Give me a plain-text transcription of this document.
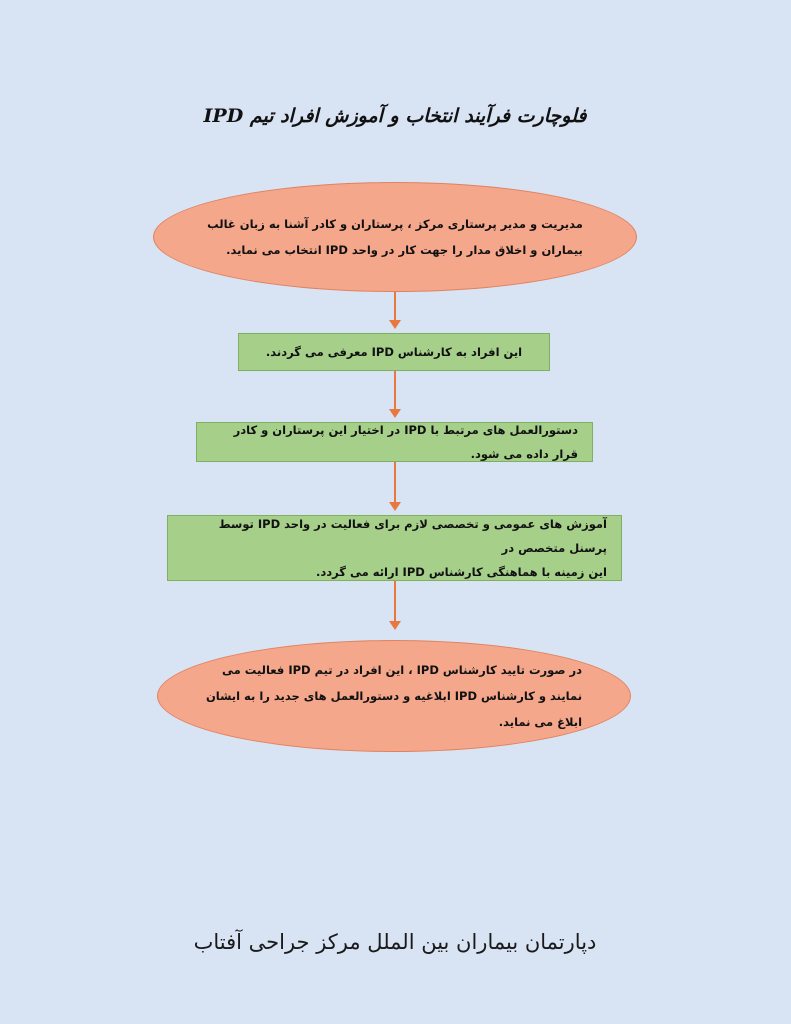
فلوچارت فرآیند انتخاب و آموزش افراد تیم IPD
مدیریت و مدیر پرستاری مرکز ، پرستاران و کادر آشنا به زبان غالب
بیماران و اخلاق مدار را جهت کار در واحد IPD انتخاب می نماید.
این افراد به کارشناس IPD معرفی می گردند.
دستورالعمل های مرتبط با IPD در اختیار این پرستاران و کادر قرار داده می شود.
آموزش های عمومی و تخصصی لازم برای فعالیت در واحد IPD توسط پرسنل متخصص در
این زمینه با هماهنگی کارشناس IPD ارائه می گردد.
در صورت تایید کارشناس IPD ، این افراد در تیم IPD فعالیت می
نمایند و کارشناس IPD ابلاغیه و دستورالعمل های جدید را به ایشان
ابلاغ می نماید.
دپارتمان بیماران بین الملل مرکز جراحی آفتاب
